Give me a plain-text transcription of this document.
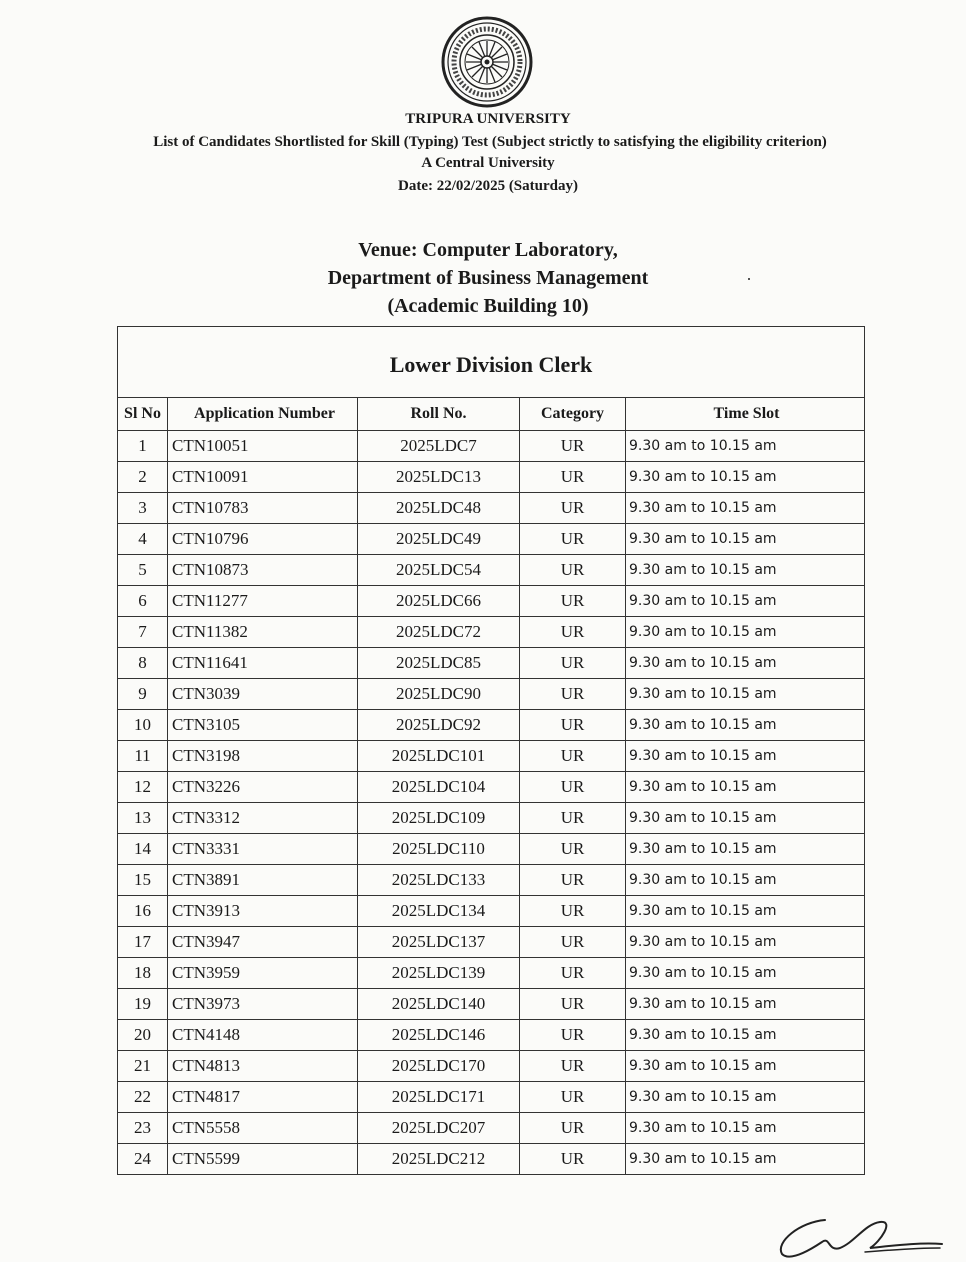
TRIPURA UNIVERSITY
List of Candidates Shortlisted for Skill (Typing) Test (Subject strictly to satisfying the eligibility criterion)
A Central University
Date: 22/02/2025 (Saturday)
Venue: Computer Laboratory,
Department of Business Management
(Academic Building 10)
Lower Division Clerk
Sl No	Application Number	Roll No.	Category	Time Slot
1	CTN10051	2025LDC7	UR	9.30 am to 10.15 am
2	CTN10091	2025LDC13	UR	9.30 am to 10.15 am
3	CTN10783	2025LDC48	UR	9.30 am to 10.15 am
4	CTN10796	2025LDC49	UR	9.30 am to 10.15 am
5	CTN10873	2025LDC54	UR	9.30 am to 10.15 am
6	CTN11277	2025LDC66	UR	9.30 am to 10.15 am
7	CTN11382	2025LDC72	UR	9.30 am to 10.15 am
8	CTN11641	2025LDC85	UR	9.30 am to 10.15 am
9	CTN3039	2025LDC90	UR	9.30 am to 10.15 am
10	CTN3105	2025LDC92	UR	9.30 am to 10.15 am
11	CTN3198	2025LDC101	UR	9.30 am to 10.15 am
12	CTN3226	2025LDC104	UR	9.30 am to 10.15 am
13	CTN3312	2025LDC109	UR	9.30 am to 10.15 am
14	CTN3331	2025LDC110	UR	9.30 am to 10.15 am
15	CTN3891	2025LDC133	UR	9.30 am to 10.15 am
16	CTN3913	2025LDC134	UR	9.30 am to 10.15 am
17	CTN3947	2025LDC137	UR	9.30 am to 10.15 am
18	CTN3959	2025LDC139	UR	9.30 am to 10.15 am
19	CTN3973	2025LDC140	UR	9.30 am to 10.15 am
20	CTN4148	2025LDC146	UR	9.30 am to 10.15 am
21	CTN4813	2025LDC170	UR	9.30 am to 10.15 am
22	CTN4817	2025LDC171	UR	9.30 am to 10.15 am
23	CTN5558	2025LDC207	UR	9.30 am to 10.15 am
24	CTN5599	2025LDC212	UR	9.30 am to 10.15 am
